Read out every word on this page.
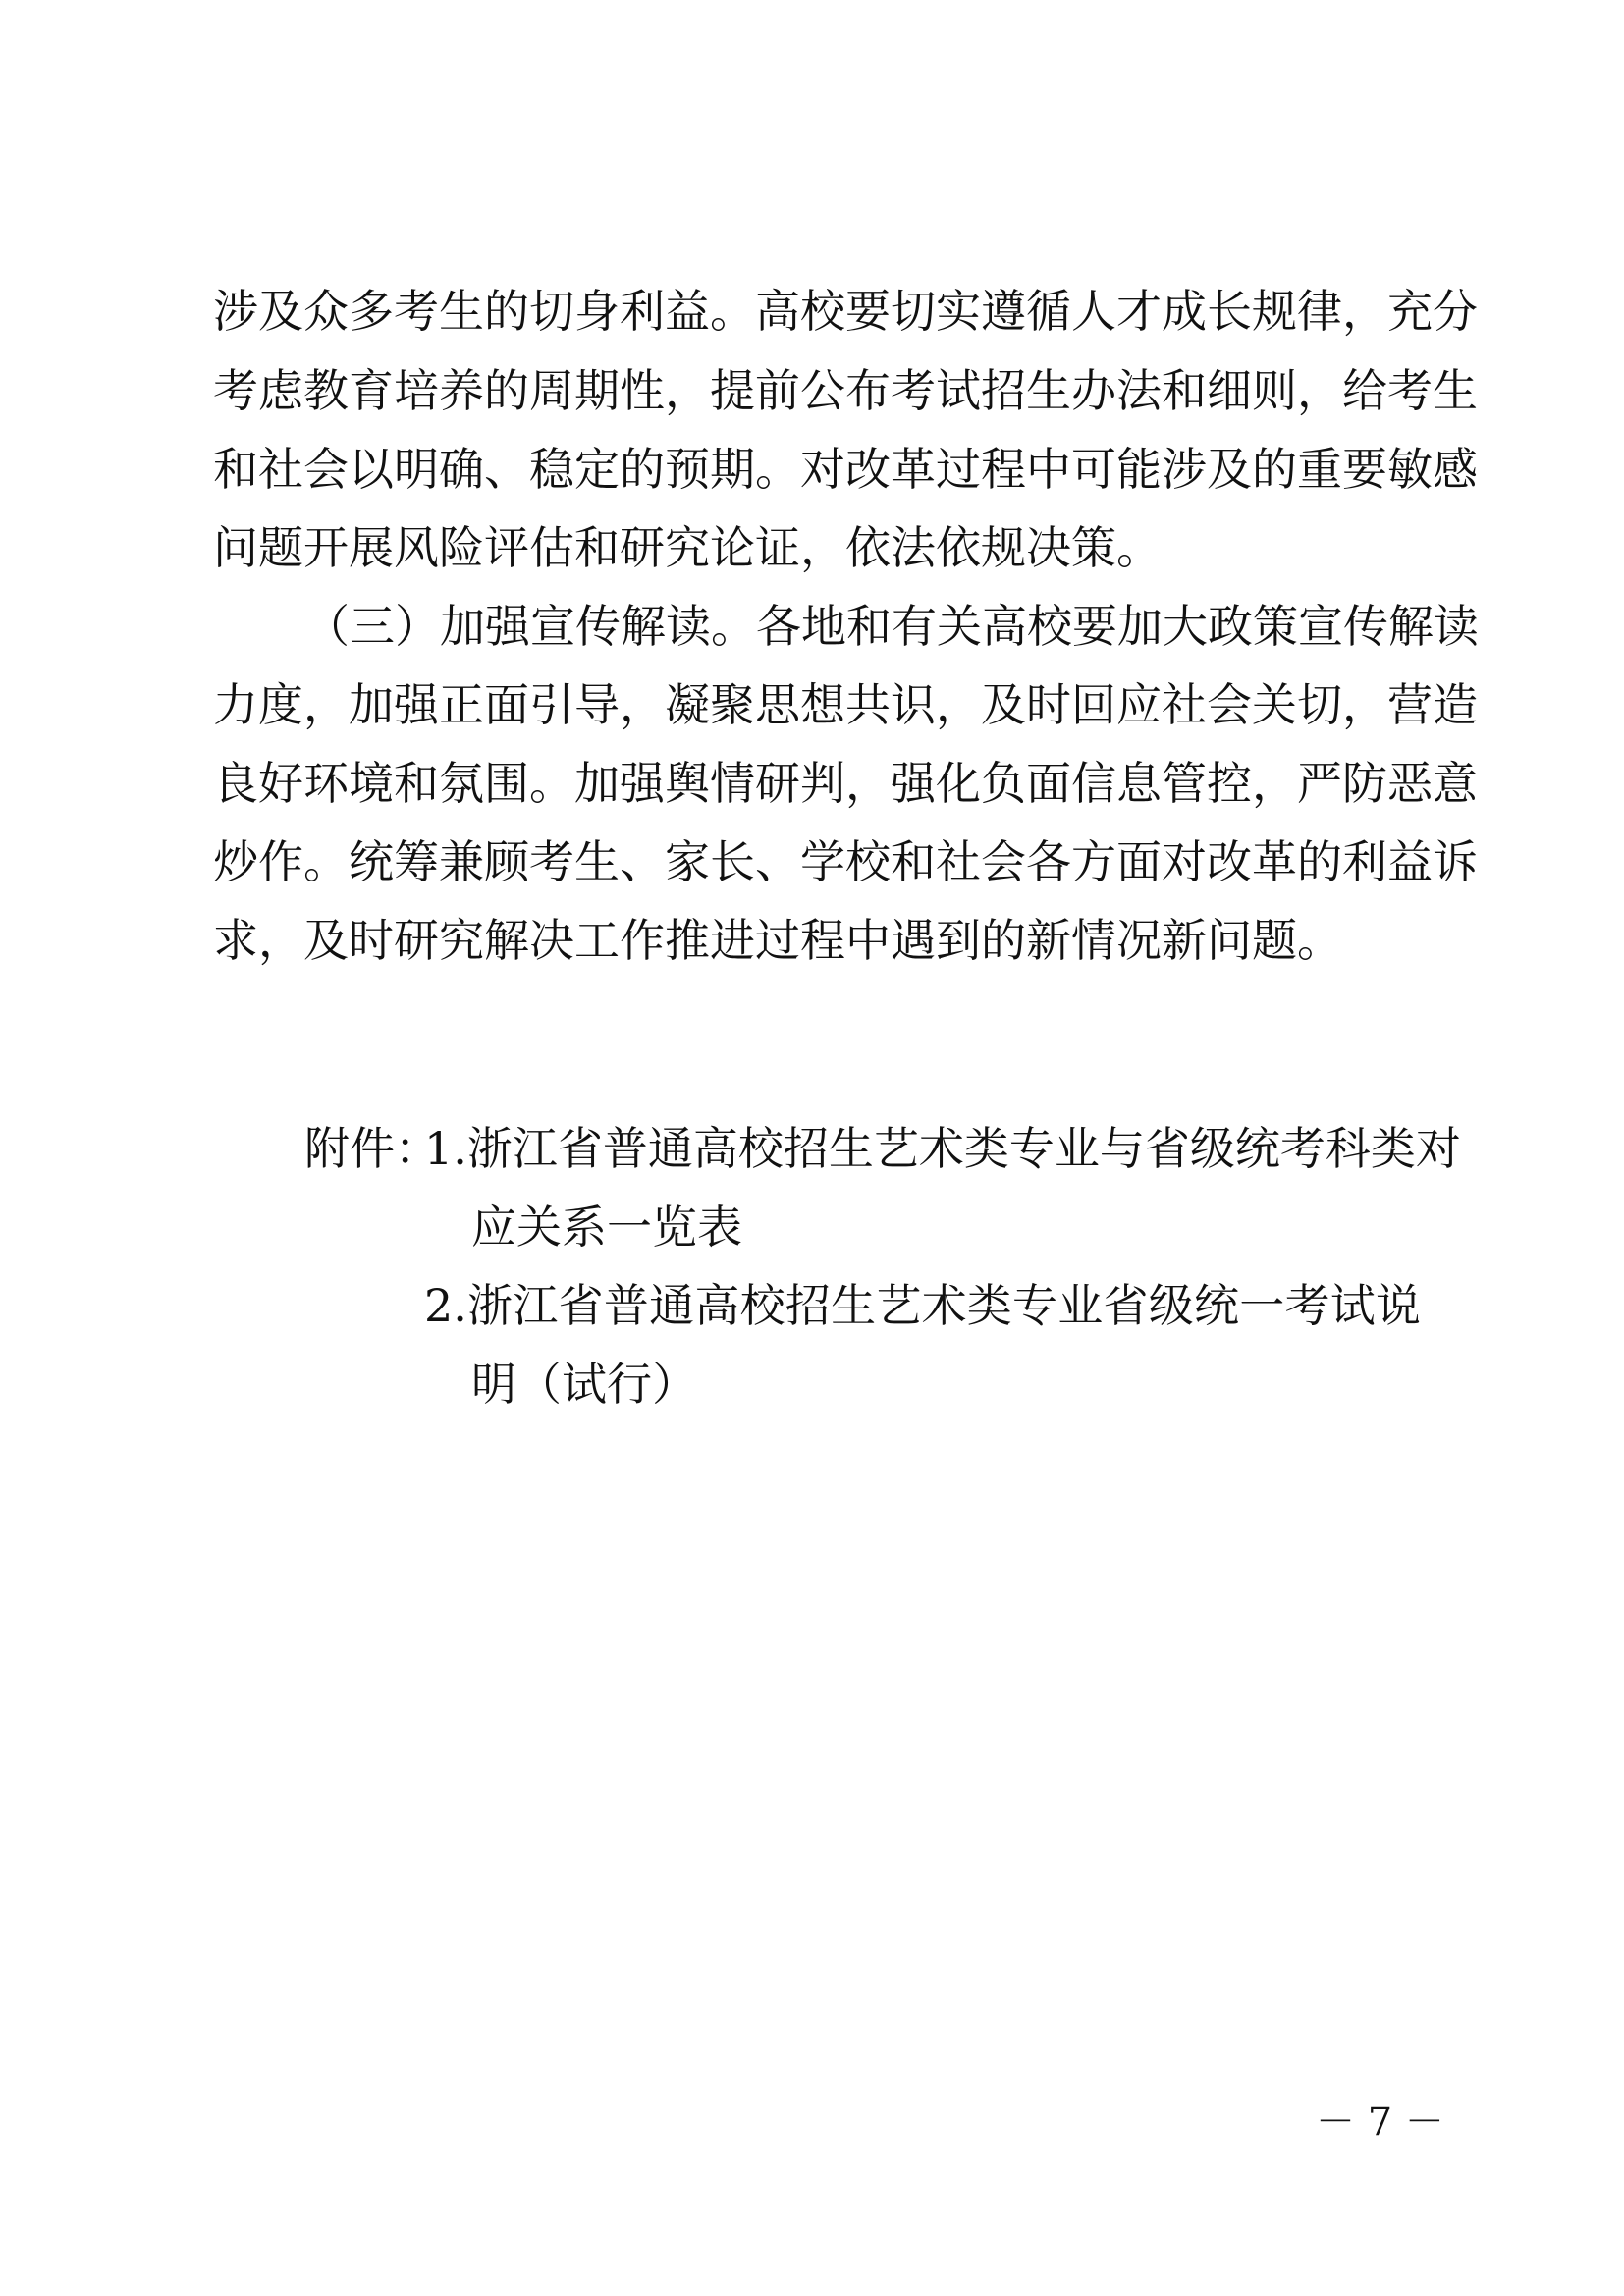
涉及众多考生的切身利益。高校要切实遵循人才成长规律，充分
考虑教育培养的周期性，提前公布考试招生办法和细则，给考生
和社会以明确、稳定的预期。对改革过程中可能涉及的重要敏感
问题开展风险评估和研究论证，依法依规决策。
（三）加强宣传解读。各地和有关高校要加大政策宣传解读
力度，加强正面引导，凝聚思想共识，及时回应社会关切，营造
良好环境和氛围。加强舆情研判，强化负面信息管控，严防恶意
炒作。统筹兼顾考生、家长、学校和社会各方面对改革的利益诉
求，及时研究解决工作推进过程中遇到的新情况新问题。
附件：
1.浙江省普通高校招生艺术类专业与省级统考科类对
应关系一览表
2.浙江省普通高校招生艺术类专业省级统一考试说
明（试行）
－ 7 －
